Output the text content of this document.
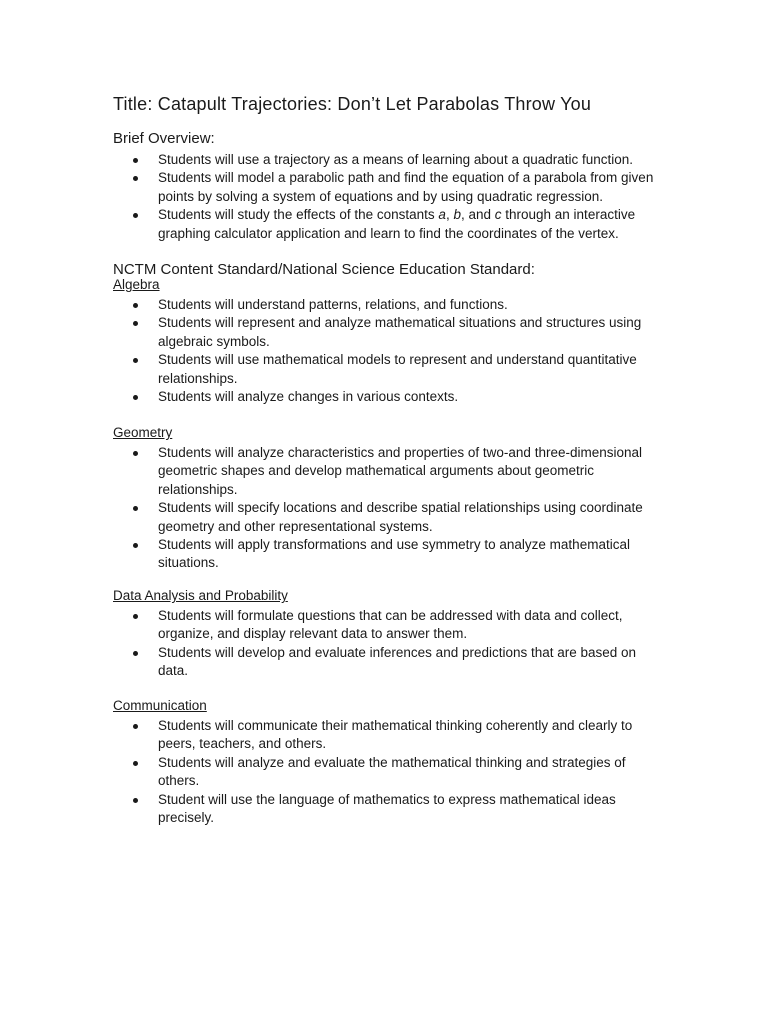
Title: Catapult Trajectories: Don’t Let Parabolas Throw You
Brief Overview:
Students will use a trajectory as a means of learning about a quadratic function.
Students will model a parabolic path and find the equation of a parabola from given points by solving a system of equations and by using quadratic regression.
Students will study the effects of the constants a, b, and c through an interactive graphing calculator application and learn to find the coordinates of the vertex.
NCTM Content Standard/National Science Education Standard:
Algebra
Students will understand patterns, relations, and functions.
Students will represent and analyze mathematical situations and structures using algebraic symbols.
Students will use mathematical models to represent and understand quantitative relationships.
Students will analyze changes in various contexts.
Geometry
Students will analyze characteristics and properties of two-and three-dimensional geometric shapes and develop mathematical arguments about geometric relationships.
Students will specify locations and describe spatial relationships using coordinate geometry and other representational systems.
Students will apply transformations and use symmetry to analyze mathematical situations.
Data Analysis and Probability
Students will formulate questions that can be addressed with data and collect, organize, and display relevant data to answer them.
Students will develop and evaluate inferences and predictions that are based on data.
Communication
Students will communicate their mathematical thinking coherently and clearly to peers, teachers, and others.
Students will analyze and evaluate the mathematical thinking and strategies of others.
Student will use the language of mathematics to express mathematical ideas precisely.
